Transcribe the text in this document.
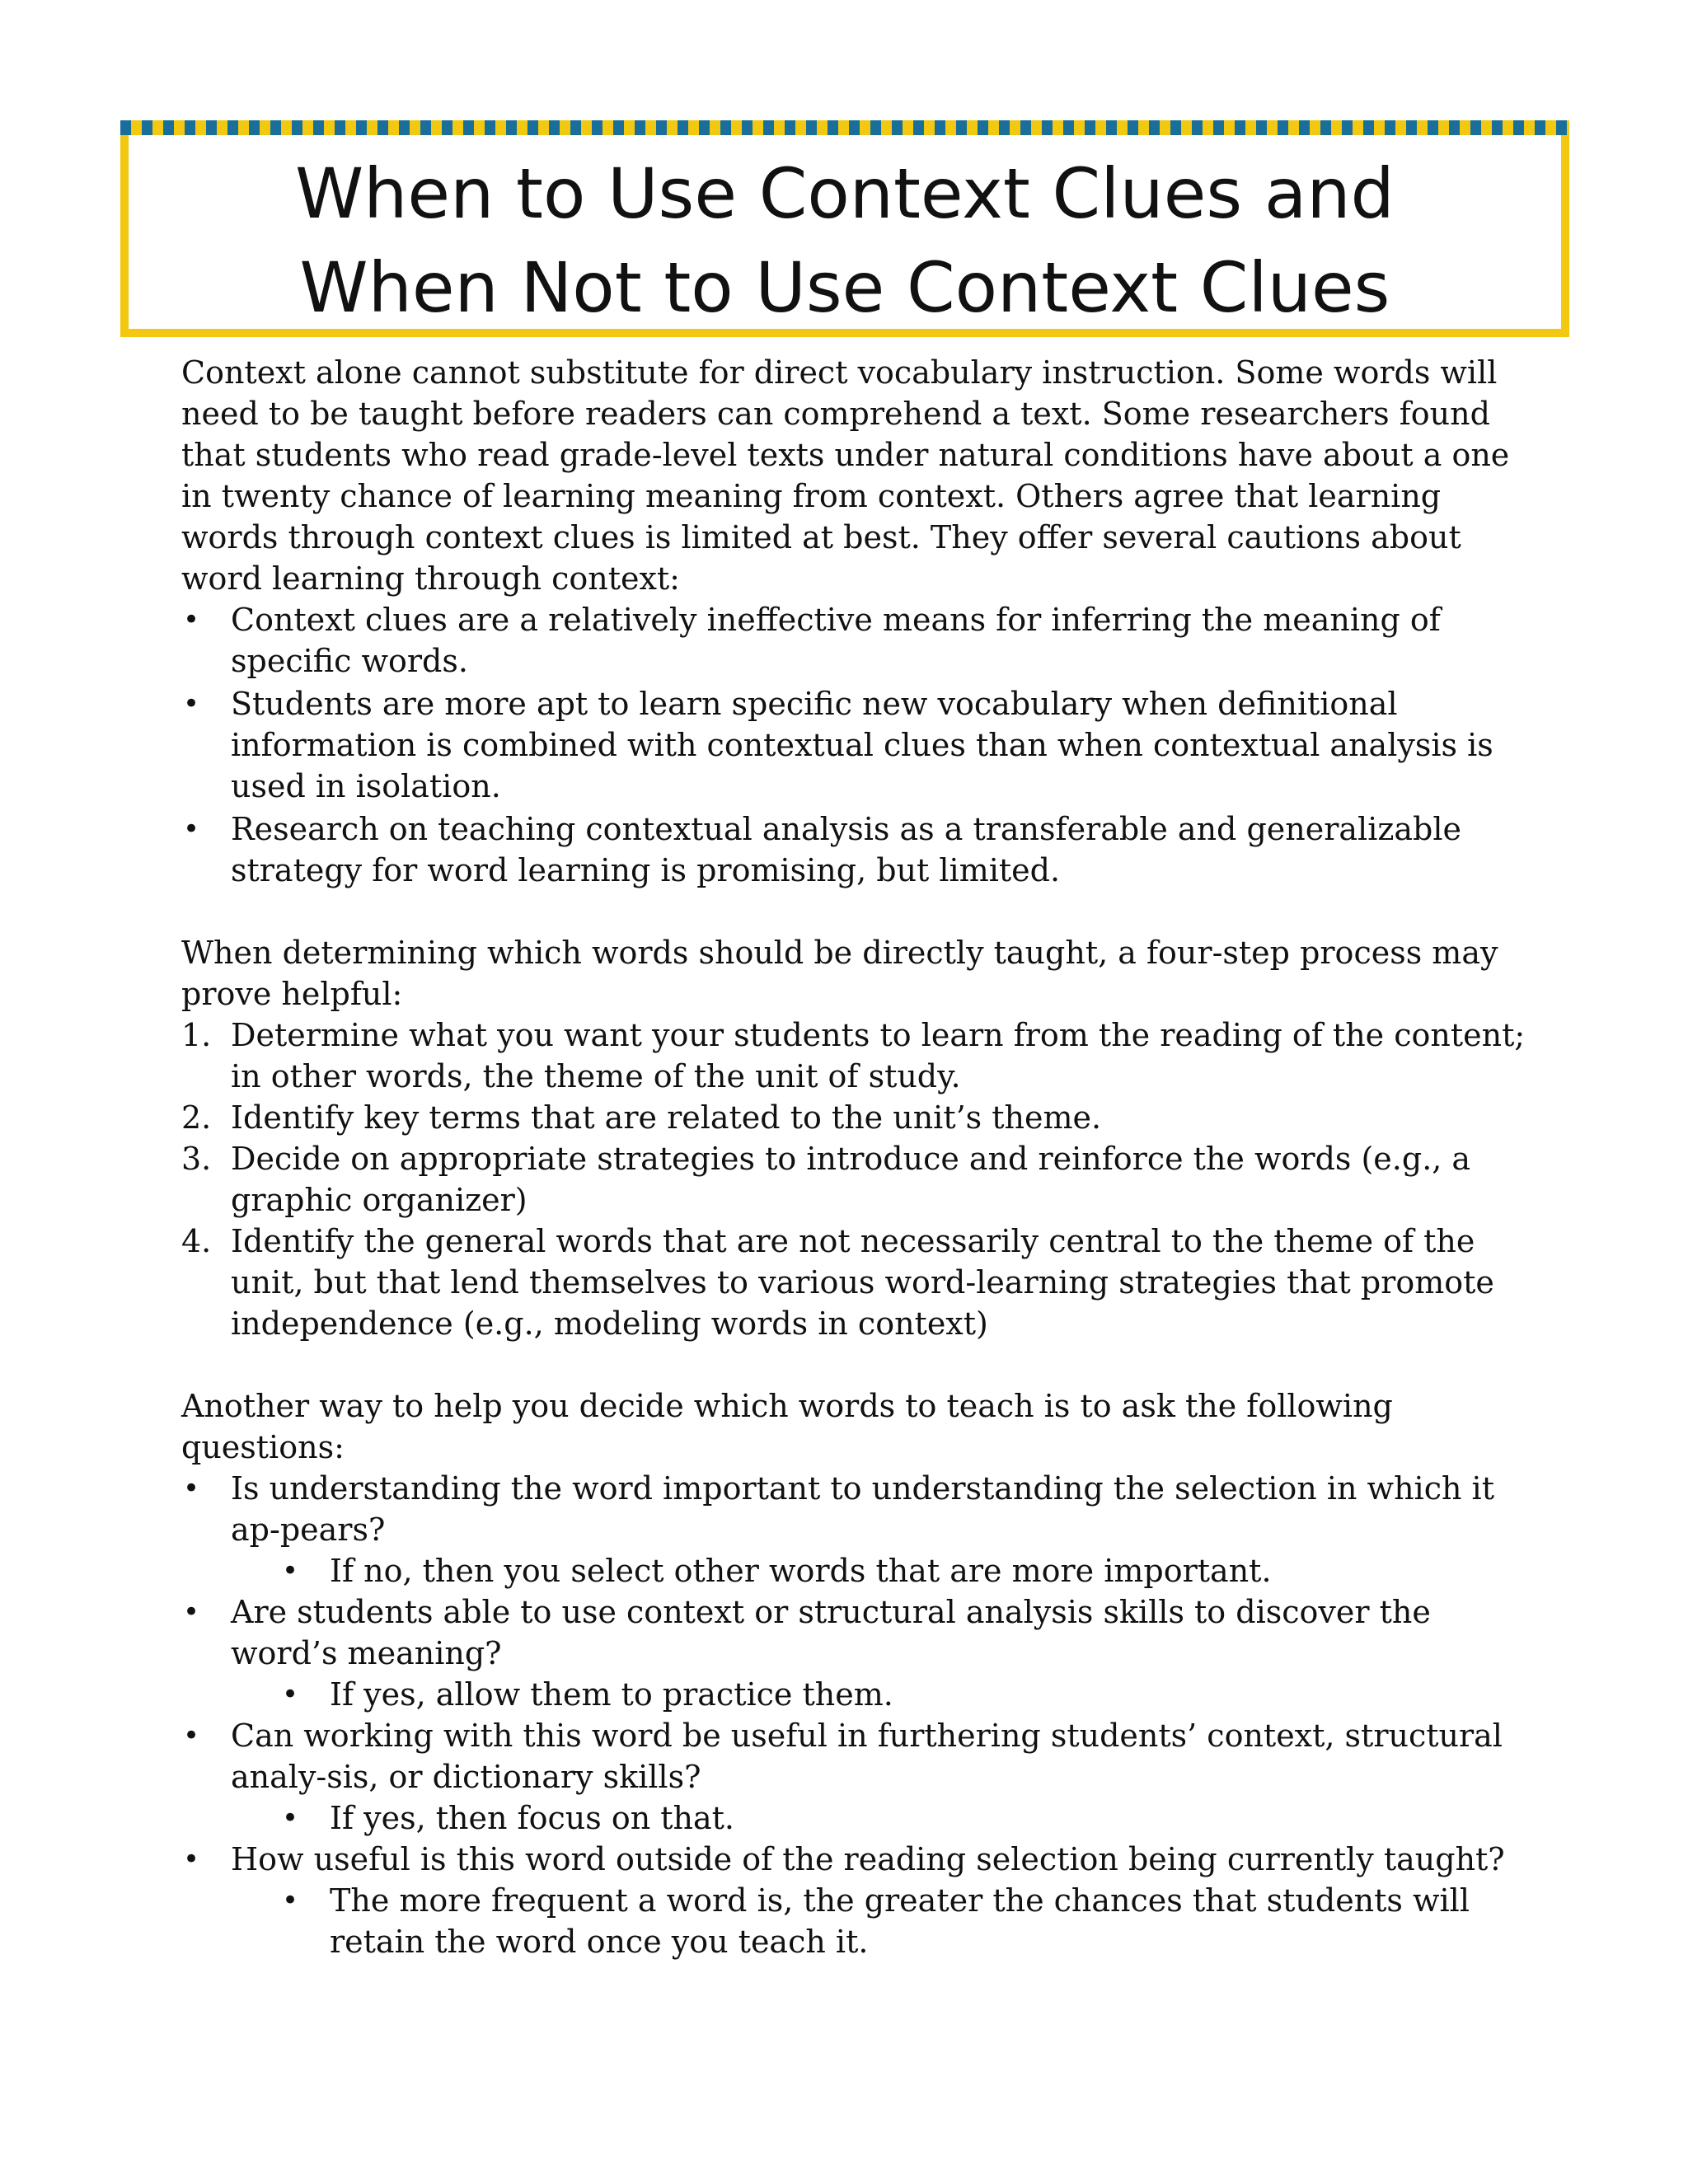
When to Use Context Clues and
When Not to Use Context Clues

Context alone cannot substitute for direct vocabulary instruction. Some words will need to be taught before readers can comprehend a text. Some researchers found that students who read grade-level texts under natural conditions have about a one in twenty chance of learning meaning from context. Others agree that learning words through context clues is limited at best. They offer several cautions about word learning through context:

• Context clues are a relatively ineffective means for inferring the meaning of specific words.
• Students are more apt to learn specific new vocabulary when definitional information is combined with contextual clues than when contextual analysis is used in isolation.
• Research on teaching contextual analysis as a transferable and generalizable strategy for word learning is promising, but limited.

When determining which words should be directly taught, a four-step process may prove helpful:

1. Determine what you want your students to learn from the reading of the content; in other words, the theme of the unit of study.
2. Identify key terms that are related to the unit’s theme.
3. Decide on appropriate strategies to introduce and reinforce the words (e.g., a graphic organizer)
4. Identify the general words that are not necessarily central to the theme of the unit, but that lend themselves to various word-learning strategies that promote independence (e.g., modeling words in context)

Another way to help you decide which words to teach is to ask the following questions:

• Is understanding the word important to understanding the selection in which it ap-pears?
• If no, then you select other words that are more important.
• Are students able to use context or structural analysis skills to discover the word’s meaning?
• If yes, allow them to practice them.
• Can working with this word be useful in furthering students’ context, structural analy-sis, or dictionary skills?
• If yes, then focus on that.
• How useful is this word outside of the reading selection being currently taught?
• The more frequent a word is, the greater the chances that students will retain the word once you teach it.
